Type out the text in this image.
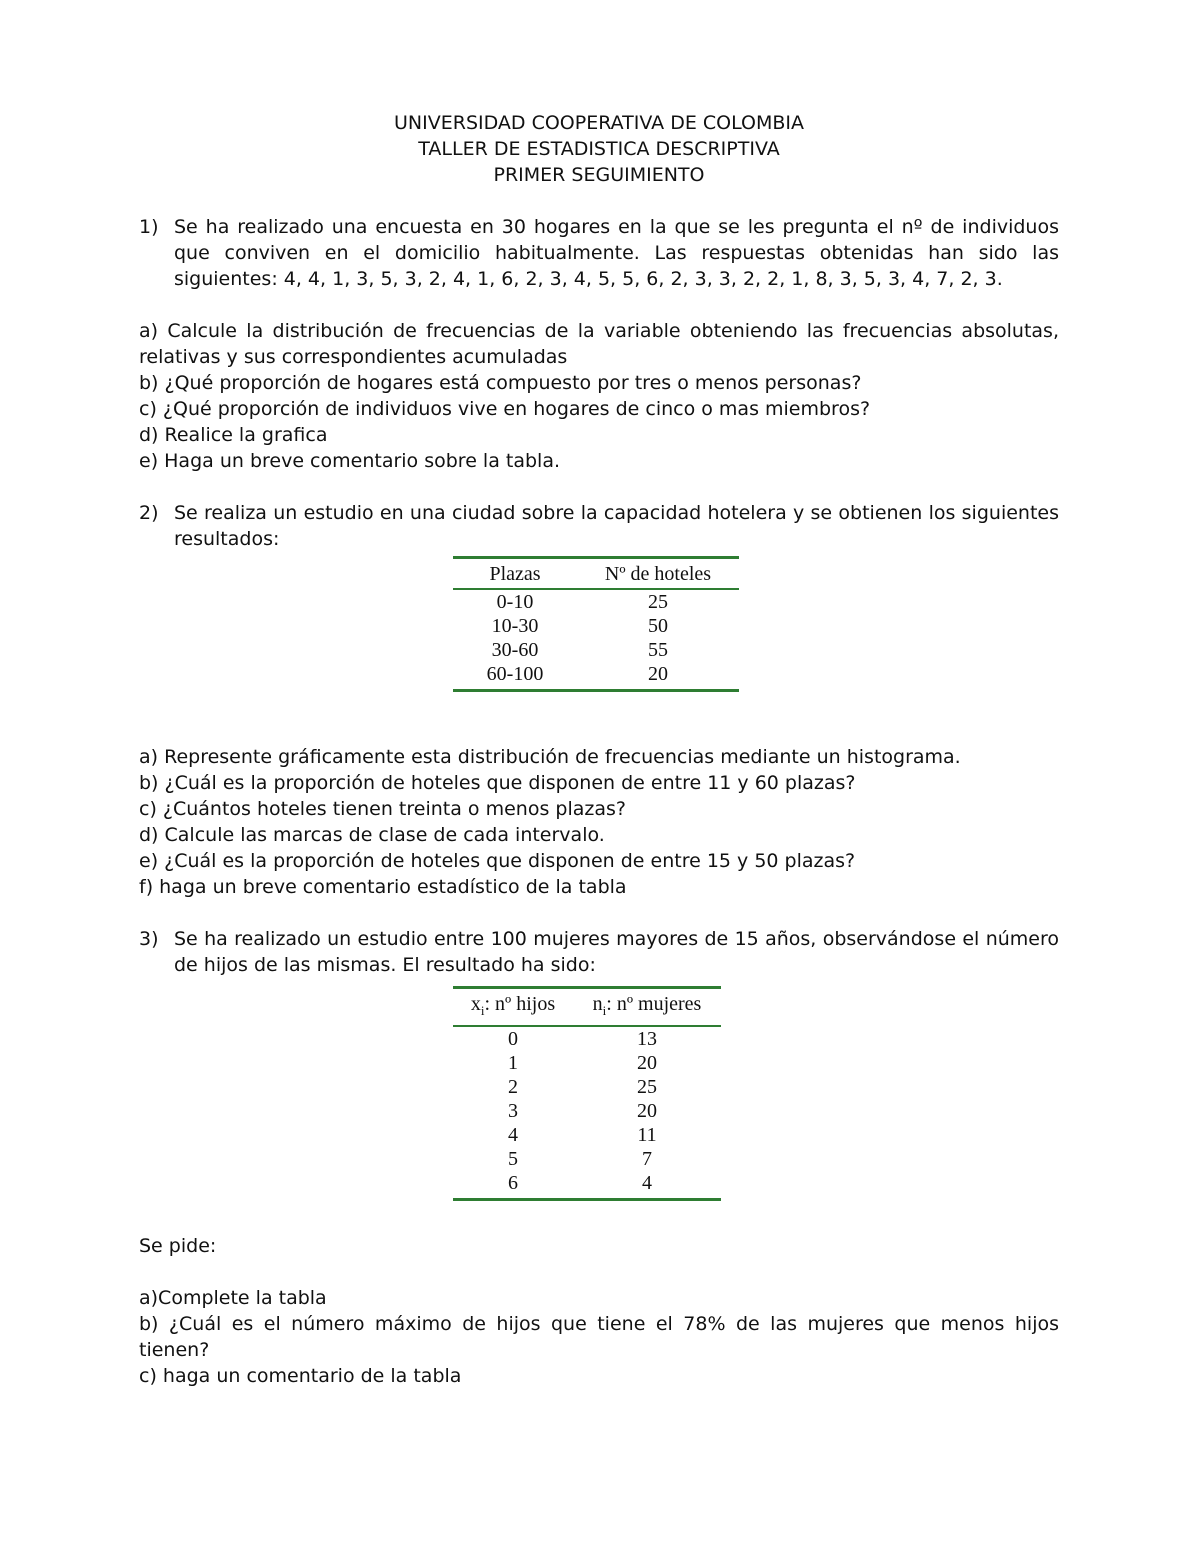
UNIVERSIDAD COOPERATIVA DE COLOMBIA
TALLER DE ESTADISTICA DESCRIPTIVA
PRIMER SEGUIMIENTO
1) Se ha realizado una encuesta en 30 hogares en la que se les pregunta el nº de individuos que conviven en el domicilio habitualmente. Las respuestas obtenidas han sido las siguientes: 4, 4, 1, 3, 5, 3, 2, 4, 1, 6, 2, 3, 4, 5, 5, 6, 2, 3, 3, 2, 2, 1, 8, 3, 5, 3, 4, 7, 2, 3.
a) Calcule la distribución de frecuencias de la variable obteniendo las frecuencias absolutas, relativas y sus correspondientes acumuladas
b) ¿Qué proporción de hogares está compuesto por tres o menos personas?
c) ¿Qué proporción de individuos vive en hogares de cinco o mas miembros?
d) Realice la grafica
e) Haga un breve comentario sobre la tabla.
2) Se realiza un estudio en una ciudad sobre la capacidad hotelera y se obtienen los siguientes resultados:
Plazas	Nº de hoteles
0-10	25
10-30	50
30-60	55
60-100	20
a) Represente gráficamente esta distribución de frecuencias mediante un histograma.
b) ¿Cuál es la proporción de hoteles que disponen de entre 11 y 60 plazas?
c) ¿Cuántos hoteles tienen treinta o menos plazas?
d) Calcule las marcas de clase de cada intervalo.
e) ¿Cuál es la proporción de hoteles que disponen de entre 15 y 50 plazas?
f) haga un breve comentario estadístico de la tabla
3) Se ha realizado un estudio entre 100 mujeres mayores de 15 años, observándose el número de hijos de las mismas. El resultado ha sido:
$x_i$: nº hijos	$n_i$: nº mujeres
0	13
1	20
2	25
3	20
4	11
5	7
6	4
Se pide:
a)Complete la tabla
b) ¿Cuál es el número máximo de hijos que tiene el 78% de las mujeres que menos hijos tienen?
c) haga un comentario de la tabla
